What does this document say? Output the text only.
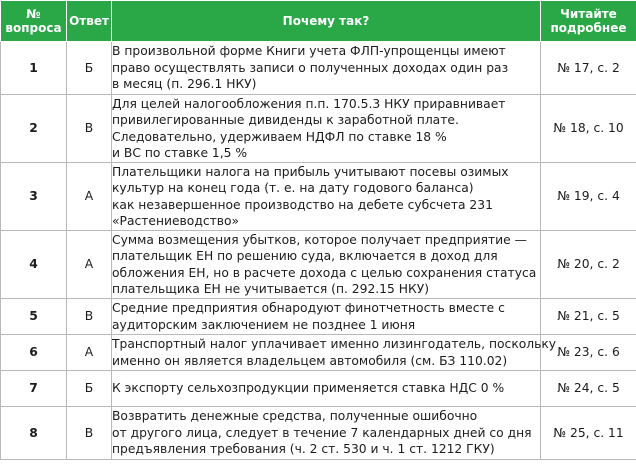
№ вопроса	Ответ	Почему так?	Читайте подробнее
1	Б	В произвольной форме Книги учета ФЛП-упрощенцы имеют
право осуществлять записи о полученных доходах один раз
в месяц (п. 296.1 НКУ)	№ 17, с. 2
2	В	Для целей налогообложения п.п. 170.5.3 НКУ приравнивает
привилегированные дивиденды к заработной плате.
Следовательно, удерживаем НДФЛ по ставке 18 %
и ВС по ставке 1,5 %	№ 18, с. 10
3	А	Плательщики налога на прибыль учитывают посевы озимых
культур на конец года (т. е. на дату годового баланса)
как незавершенное производство на дебете субсчета 231
«Растениеводство»	№ 19, с. 4
4	А	Сумма возмещения убытков, которое получает предприятие —
плательщик ЕН по решению суда, включается в доход для
обложения ЕН, но в расчете дохода с целью сохранения статуса
плательщика ЕН не учитывается (п. 292.15 НКУ)	№ 20, с. 2
5	В	Средние предприятия обнародуют финотчетность вместе с
аудиторским заключением не позднее 1 июня	№ 21, с. 5
6	А	Транспортный налог уплачивает именно лизингодатель, поскольку
именно он является владельцем автомобиля (см. БЗ 110.02)	№ 23, с. 6
7	Б	К экспорту сельхозпродукции применяется ставка НДС 0 %	№ 24, с. 5
8	В	Возвратить денежные средства, полученные ошибочно
от другого лица, следует в течение 7 календарных дней со дня
предъявления требования (ч. 2 ст. 530 и ч. 1 ст. 1212 ГКУ)	№ 25, с. 11
